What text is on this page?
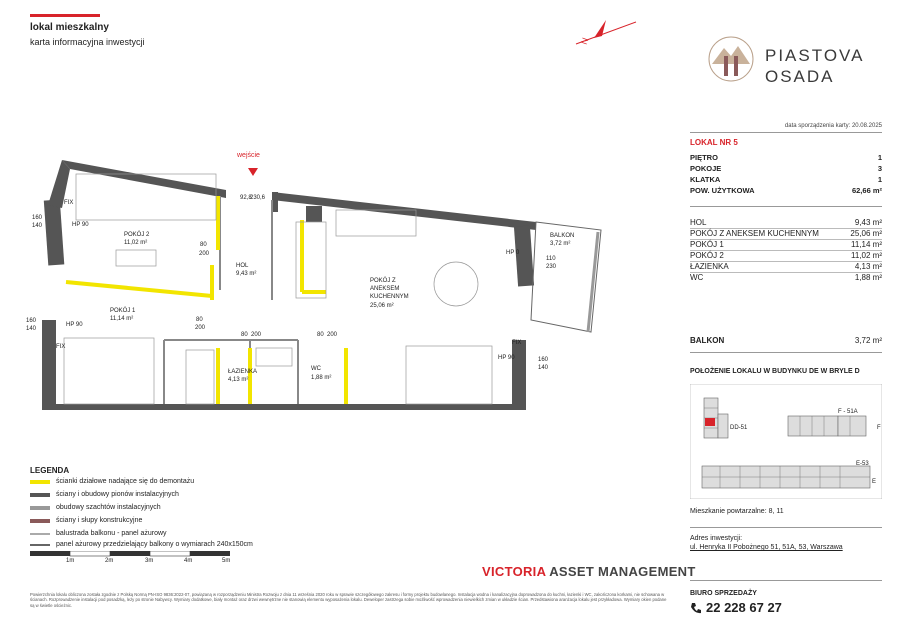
lokal mieszkalny
karta informacyjna inwestycji	N
PIASTOVA
OSADA
data sporządzenia karty: 20.08.2025
LOKAL NR 5
PIĘTRO	1
POKOJE	3
KLATKA	1
POW. UŻYTKOWA	62,66 m²
HOL	9,43 m²
POKÓJ Z ANEKSEM KUCHENNYM	25,06 m²
POKÓJ 1	11,14 m²
POKÓJ 2	11,02 m²
ŁAZIENKA	4,13 m²
WC	1,88 m²
BALKON	3,72 m²
POŁOŻENIE LOKALU W BUDYNKU DE W BRYLE D
DD-51
F - 51A
F
E-53
E
Mieszkanie powtarzalne: 8, 11
Adres inwestycji:
ul. Henryka II Pobożnego 51, 51A, 53, Warszawa
BIURO SPRZEDAŻY
22 228 67 27
wejście
POKÓJ 2
11,02 m²
POKÓJ 1
11,14 m²
HOL
9,43 m²
POKÓJ Z
ANEKSEM
KUCHENNYM
25,06 m²
BALKON
3,72 m²
ŁAZIENKA
4,13 m²
WC
1,88 m²
160
140
160
140
160
140
80
200
80
200
80 200	80 200
92,8
230,6
110
230
HP 90
HP 90
HP 90
HP 0
FIX
FIX
FIX
LEGENDA
ścianki działowe nadające się do demontażu
ściany i obudowy pionów instalacyjnych
obudowy szachtów instalacyjnych
ściany i słupy konstrukcyjne
balustrada balkonu - panel ażurowy
panel ażurowy przedzielający balkony o wymiarach 240x150cm
1m	2m	3m	4m	5m
VICTORIA ASSET MANAGEMENT
Powierzchnia lokalu obliczona została zgodnie z Polską Normą PN-ISO 9836:2022-07, powiązaną w rozporządzeniu Ministra Rozwoju z dnia 11 września 2020 roku w sprawie szczegółowego zakresu i formy projektu budowlanego. Instalacja wodna i kanalizacyjna doprowadzona do kuchni, łazienki i WC, zakończona korkami, nie schowana w ścianach. Rozprowadzenie instalacji pod posadzką, leży po stronie Nabywcy. Wymiary dodatkowe, biały montaż oraz drzwi wewnętrzne nie stanowią elementu wyposażenia lokalu. Deweloper zastrzega sobie możliwość wprowadzenia niewielkich zmian w układzie ścian. Przedstawiona aranżacja lokalu jest przykładowa. Wymiary okien podane są w świetle ościeżnic.
